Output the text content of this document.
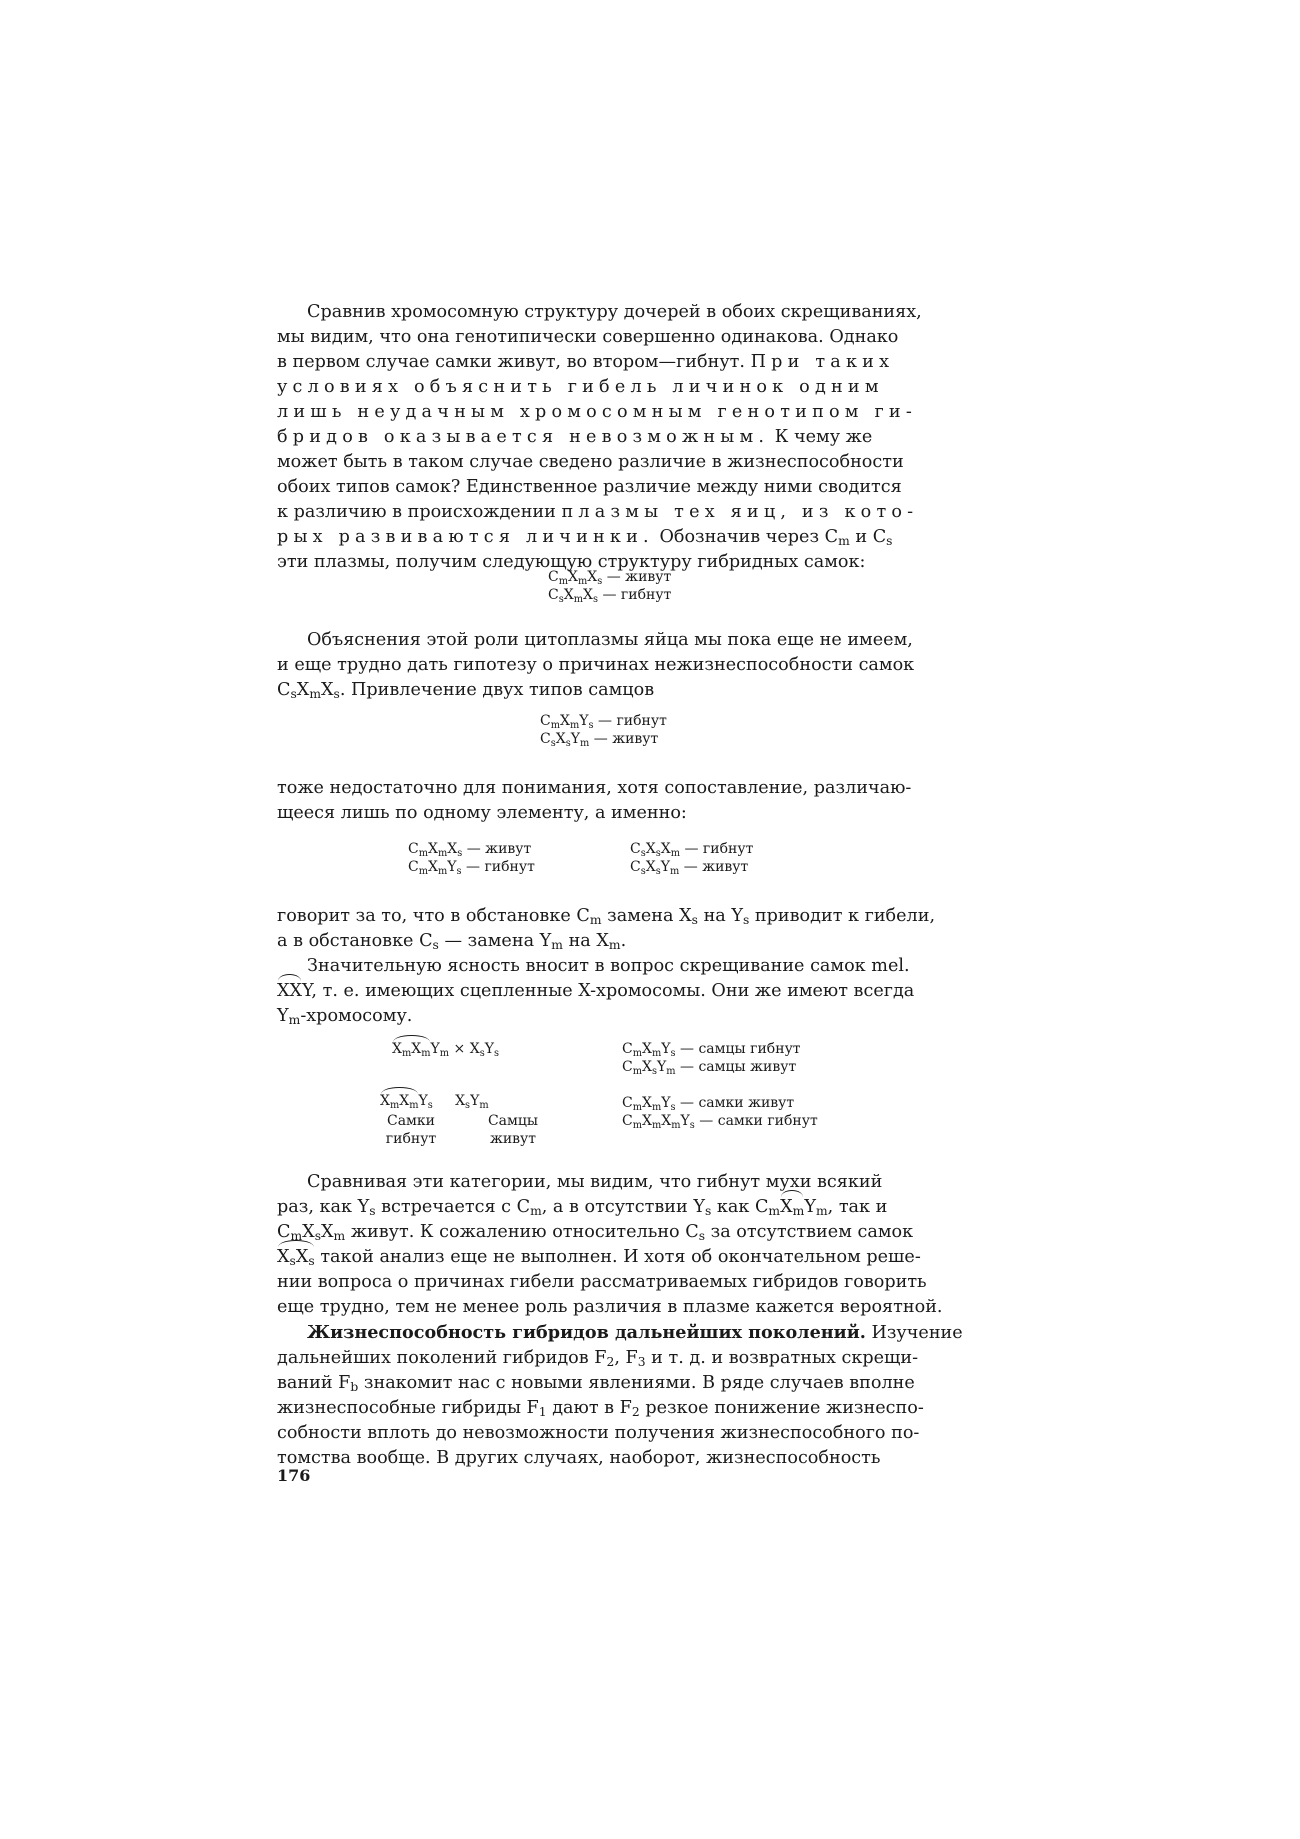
Сравнив хромосомную структуру дочерей в обоих скрещиваниях,

мы видим, что она генотипически совершенно одинакова. Однако

в первом случае самки живут, во втором—гибнут. При таких

условиях объяснить гибель личинок одним

лишь неудачным хромосомным генотипом ги-

бридов оказывается невозможным. К чему же

может быть в таком случае сведено различие в жизнеспособности

обоих типов самок? Единственное различие между ними сводится

к различию в происхождении плазмы тех яиц, из кото-

рых развиваются личинки. Обозначив через $C_m$ и $C_s$

эти плазмы, получим следующую структуру гибридных самок:

$C_mX_mX_s$ — живут
$C_sX_mX_s$ — гибнут

Объяснения этой роли цитоплазмы яйца мы пока еще не имеем,

и еще трудно дать гипотезу о причинах нежизнеспособности самок

$C_sX_mX_s$. Привлечение двух типов самцов

$C_mX_mY_s$ — гибнут
$C_sX_sY_m$ — живут

тоже недостаточно для понимания, хотя сопоставление, различаю-

щееся лишь по одному элементу, а именно:

$C_mX_mX_s$ — живут
$C_mX_mY_s$ — гибнут
$C_sX_sX_m$ — гибнут
$C_sX_sY_m$ — живут

говорит за то, что в обстановке $C_m$ замена $X_s$ на $Y_s$ приводит к гибели,

а в обстановке $C_s$ — замена $Y_m$ на $X_m$.

Значительную ясность вносит в вопрос скрещивание самок mel.

XXY, т. е. имеющих сцепленные X-хромосомы. Они же имеют всегда

$Y_m$-хромосому.

$X_mX_mY_m \times X_sY_s$
$X_mX_mY_s$     $X_sY_m$
Самки
гибнут
Самцы
живут
$C_mX_mY_s$ — самцы гибнут
$C_mX_sY_m$ — самцы живут
$C_mX_mY_s$ — самки живут
$C_mX_mX_mY_s$ — самки гибнут

Сравнивая эти категории, мы видим, что гибнут мухи всякий

раз, как $Y_s$ встречается с $C_m$, а в отсутствии $Y_s$ как $C_mX_mY_m$, так и

$C_mX_sX_m$ живут. К сожалению относительно $C_s$ за отсутствием самок

$X_sX_s$ такой анализ еще не выполнен. И хотя об окончательном реше-

нии вопроса о причинах гибели рассматриваемых гибридов говорить

еще трудно, тем не менее роль различия в плазме кажется вероятной.

Жизнеспособность гибридов дальнейших поколений. Изучение

дальнейших поколений гибридов $F_2$, $F_3$ и т. д. и возвратных скрещи-

ваний $F_b$ знакомит нас с новыми явлениями. В ряде случаев вполне

жизнеспособные гибриды $F_1$ дают в $F_2$ резкое понижение жизнеспо-

собности вплоть до невозможности получения жизнеспособного по-

томства вообще. В других случаях, наоборот, жизнеспособность

176
